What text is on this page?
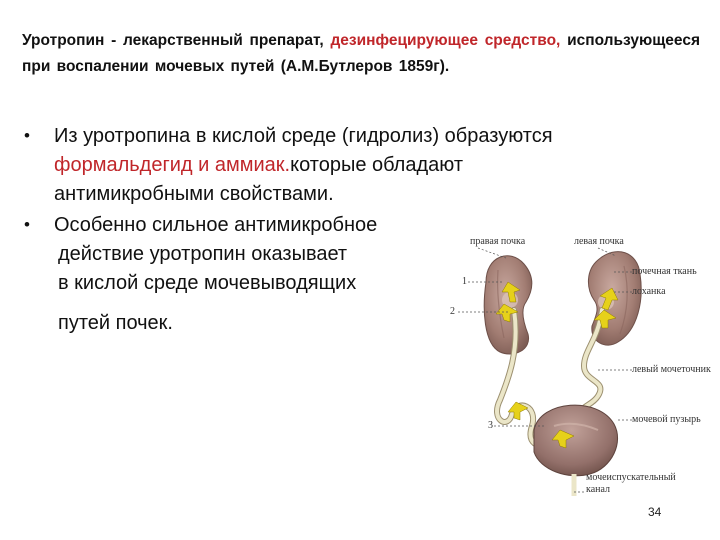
Уротропин - лекарственный препарат, дезинфецирующее средство, использующееся при воспалении мочевых путей (А.М.Бутлеров 1859г).
• Из уротропина в кислой среде (гидролиз) образуются формальдегид и аммиак.которые обладают антимикробными свойствами.
• Особенно сильное антимикробное
действие уротропин оказывает
в кислой среде мочевыводящих
путей почек.
правая почка	левая почка
почечная ткань
лоханка
левый мочеточник
мочевой пузырь
мочеиспускательный
канал
1
2
3
34
